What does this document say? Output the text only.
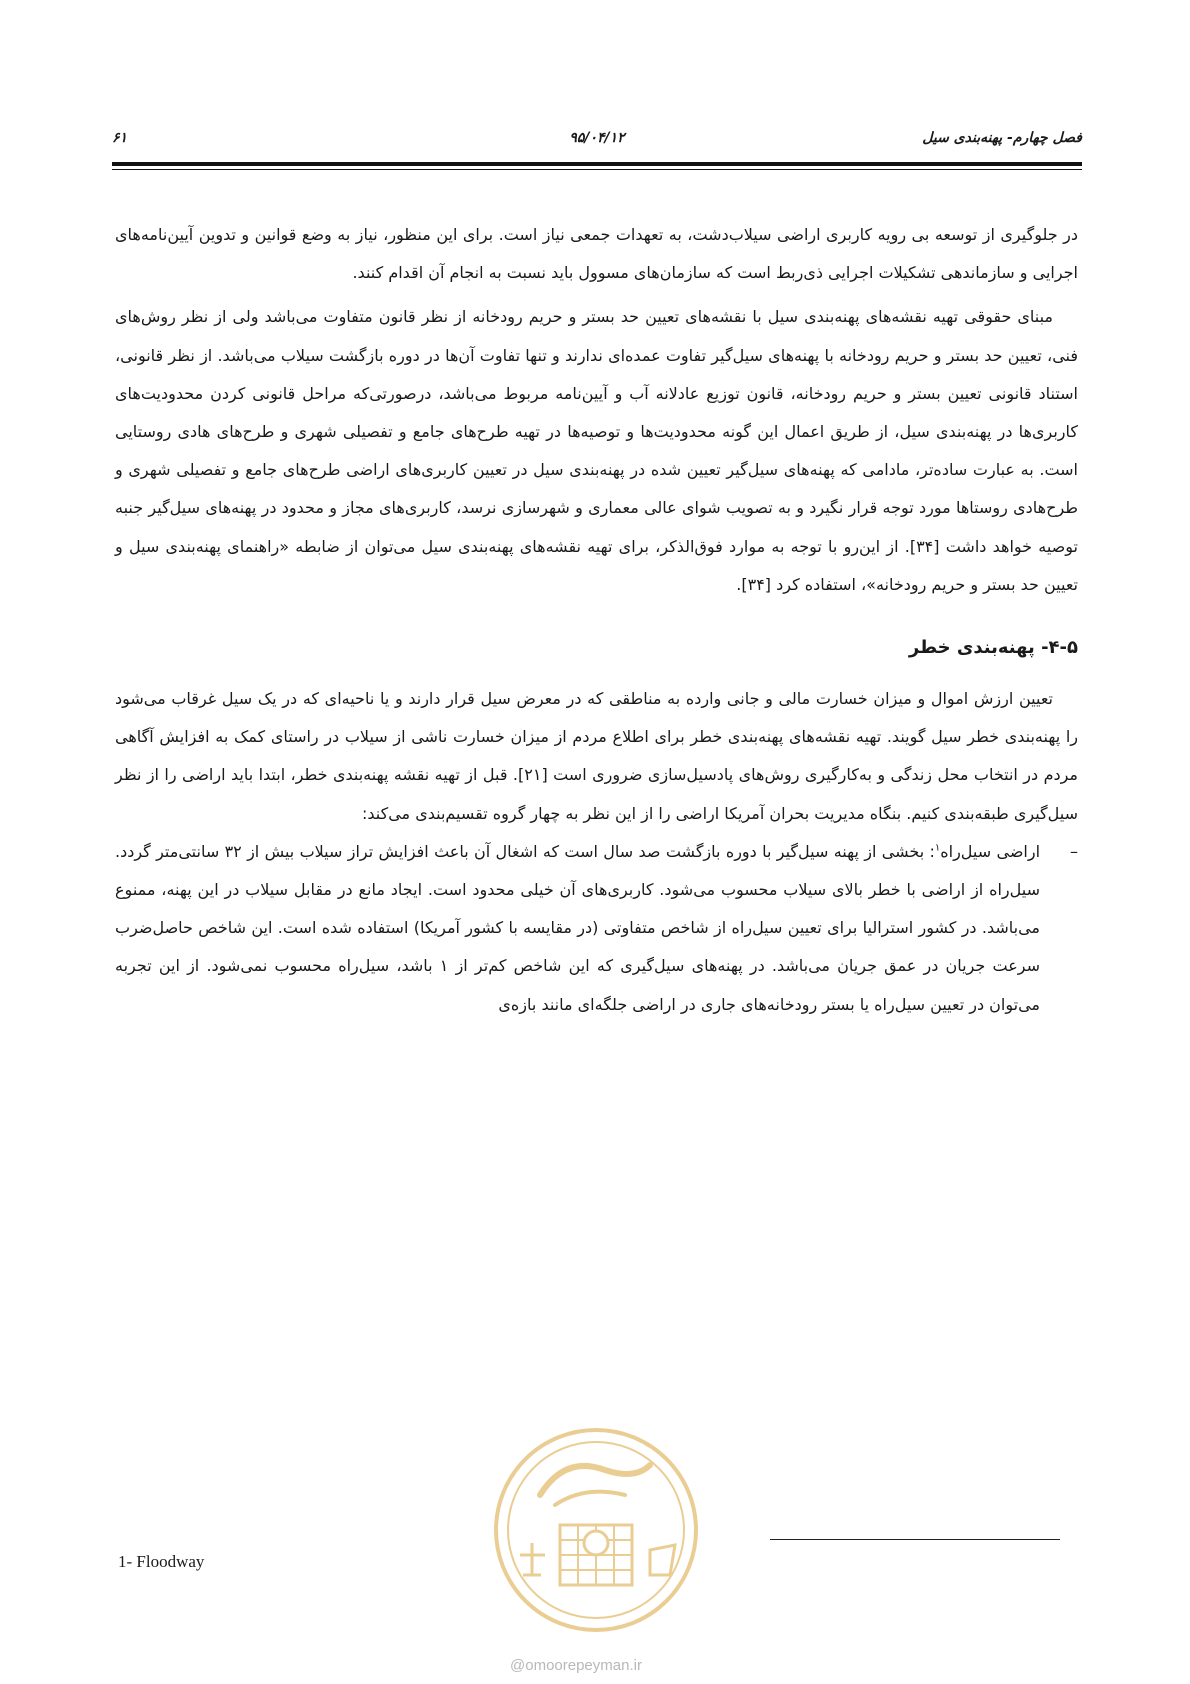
فصل چهارم- پهنه‌بندی سیل
۹۵/۰۴/۱۲
۶۱

در جلوگیری از توسعه بی رویه کاربری اراضی سیلاب‌دشت، به تعهدات جمعی نیاز است. برای این منظور، نیاز به وضع قوانین و تدوین آیین‌نامه‌های اجرایی و سازماندهی تشکیلات اجرایی ذی‌ربط است که سازمان‌های مسوول باید نسبت به انجام آن اقدام کنند.

مبنای حقوقی تهیه نقشه‌های پهنه‌بندی سیل با نقشه‌های تعیین حد بستر و حریم رودخانه از نظر قانون متفاوت می‌باشد ولی از نظر روش‌های فنی، تعیین حد بستر و حریم رودخانه با پهنه‌های سیل‌گیر تفاوت عمده‌ای ندارند و تنها تفاوت آن‌ها در دوره بازگشت سیلاب می‌باشد. از نظر قانونی، استناد قانونی تعیین بستر و حریم رودخانه، قانون توزیع عادلانه آب و آیین‌نامه مربوط می‌باشد، درصورتی‌که مراحل قانونی کردن محدودیت‌های کاربری‌ها در پهنه‌بندی سیل، از طریق اعمال این گونه محدودیت‌ها و توصیه‌ها در تهیه طرح‌های جامع و تفصیلی شهری و طرح‌های هادی روستایی است. به عبارت ساده‌تر، مادامی که پهنه‌های سیل‌گیر تعیین شده در پهنه‌بندی سیل در تعیین کاربری‌های اراضی طرح‌های جامع و تفصیلی شهری و طرح‌هادی روستاها مورد توجه قرار نگیرد و به تصویب شوای عالی معماری و شهرسازی نرسد، کاربری‌های مجاز و محدود در پهنه‌های سیل‌گیر جنبه توصیه خواهد داشت [۳۴]. از این‌رو با توجه به موارد فوق‌الذکر، برای تهیه نقشه‌های پهنه‌بندی سیل می‌توان از ضابطه «راهنمای پهنه‌بندی سیل و تعیین حد بستر و حریم رودخانه»، استفاده کرد [۳۴].

۴-۵- پهنه‌بندی خطر

تعیین ارزش اموال و میزان خسارت مالی و جانی وارده به مناطقی که در معرض سیل قرار دارند و یا ناحیه‌ای که در یک سیل غرقاب می‌شود را پهنه‌بندی خطر سیل گویند. تهیه نقشه‌های پهنه‌بندی خطر برای اطلاع مردم از میزان خسارت ناشی از سیلاب در راستای کمک به افزایش آگاهی مردم در انتخاب محل زندگی و به‌کارگیری روش‌های پادسیل‌سازی ضروری است [۲۱]. قبل از تهیه نقشه پهنه‌بندی خطر، ابتدا باید اراضی را از نظر سیل‌گیری طبقه‌بندی کنیم. بنگاه مدیریت بحران آمریکا اراضی را از این نظر به چهار گروه تقسیم‌بندی می‌کند:

–
اراضی سیل‌راه$^۱$: بخشی از پهنه سیل‌گیر با دوره بازگشت صد سال است که اشغال آن باعث افزایش تراز سیلاب بیش از ۳۲ سانتی‌متر گردد. سیل‌راه از اراضی با خطر بالای سیلاب محسوب می‌شود. کاربری‌های آن خیلی محدود است. ایجاد مانع در مقابل سیلاب در این پهنه، ممنوع می‌باشد. در کشور استرالیا برای تعیین سیل‌راه از شاخص متفاوتی (در مقایسه با کشور آمریکا) استفاده شده است. این شاخص حاصل‌ضرب سرعت جریان در عمق جریان می‌باشد. در پهنه‌های سیل‌گیری که این شاخص کم‌تر از ۱ باشد، سیل‌راه محسوب نمی‌شود. از این تجربه می‌توان در تعیین سیل‌راه یا بستر رودخانه‌های جاری در اراضی جلگه‌ای مانند بازه‌ی
1- Floodway
@omoorepeyman.ir
